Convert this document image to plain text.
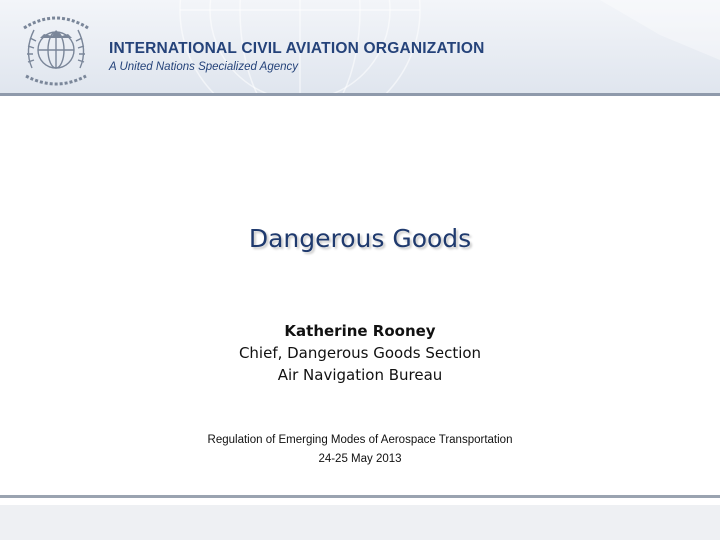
INTERNATIONAL CIVIL AVIATION ORGANIZATION
A United Nations Specialized Agency
Dangerous Goods
Katherine Rooney
Chief, Dangerous Goods Section
Air Navigation Bureau
Regulation of Emerging Modes of Aerospace Transportation
24-25 May 2013
